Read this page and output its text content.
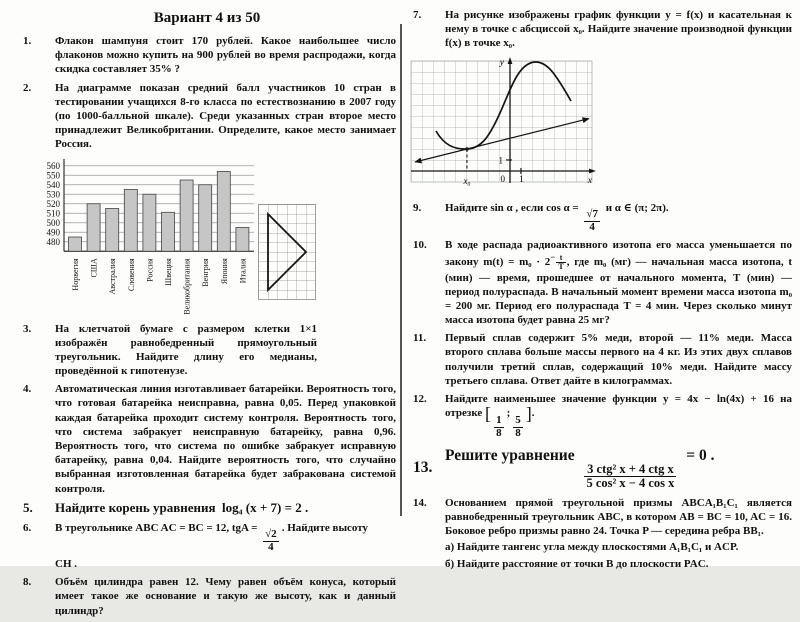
Вариант 4 из 50
1.	Флакон шампуня стоит 170 рублей. Какое наибольшее число флаконов можно купить на 900 рублей во время распродажи, когда скидка составляет 35% ?
2.	На диаграмме показан средний балл участников 10 стран в тестировании учащихся 8-го класса по естествознанию в 2007 году (по 1000-балльной шкале). Среди указанных стран второе место принадлежит Великобритании. Определите, какое место занимает Россия.
480
490
500
510
520
530
540
550
560
Норвегия США Австралия Словения Россия Швеция Великобритания Венгрия Япония Италия
3.	На клетчатой бумаге с размером клетки 1×1 изображён равнобедренный прямоугольный треугольник. Найдите длину его медианы, проведённой к гипотенузе.
4.	Автоматическая линия изготавливает батарейки. Вероятность того, что готовая батарейка неисправна, равна 0,05. Перед упаковкой каждая батарейка проходит систему контроля. Вероятность того, что система забракует неисправную батарейку, равна 0,96. Вероятность того, что система по ошибке забракует исправную батарейку, равна 0,04. Найдите вероятность того, что случайно выбранная изготовленная батарейка будет забракована системой контроля.
5.	Найдите корень уравнения log₄ (x + 7) = 2 .
6.	В треугольнике ABC AC = BC = 12, tgA =
$\frac{√2}{4}$
. Найдите высоту
CH .
8.	Объём цилиндра равен 12. Чему равен объём конуса, который имеет такое же основание и такую же высоту, как и данный цилиндр?
7.	На рисунке изображены график функции y = f(x) и касательная к нему в точке с абсциссой x₀. Найдите значение производной функции f(x) в точке x₀.
y
x
0 1
1
x₀
9.	Найдите sin α , если cos α =
$\frac{√7}{4}$
и α ∈ (π; 2π).
10.	В ходе распада радиоактивного изотопа его масса уменьшается по закону $m(t) = m_0 \cdot 2- \frac{t}{T}$ , где m₀ (мг) — начальная масса изотопа, t (мин) — время, прошедшее от начального момента, T (мин) — период полураспада. В начальный момент времени масса изотопа m₀ = 200 мг. Период его полураспада T = 4 мин. Через сколько минут масса изотопа будет равна 25 мг?
11.	Первый сплав содержит 5% меди, второй — 11% меди. Масса второго сплава больше массы первого на 4 кг. Из этих двух сплавов получили третий сплав, содержащий 10% меди. Найдите массу третьего сплава. Ответ дайте в килограммах.
12.	Найдите наименьшее значение функции y = 4x − ln(4x) + 16 на отрезке [
$\frac{1}{8}$
;
$\frac{5}{8}$
].
13.
Решите уравнение
$\frac{\text{3 ctg² x + 4 ctg x}}{\text{5 cos² x − 4 cos x}}$
= 0 .
14.	Основанием прямой треугольной призмы ABCA₁B₁C₁ является равнобедренный треугольник ABC, в котором AB = BC = 10, AC = 16. Боковое ребро призмы равно 24. Точка P — середина ребра BB₁.
а) Найдите тангенс угла между плоскостями A₁B₁C₁ и ACP.
б) Найдите расстояние от точки B до плоскости PAC.
